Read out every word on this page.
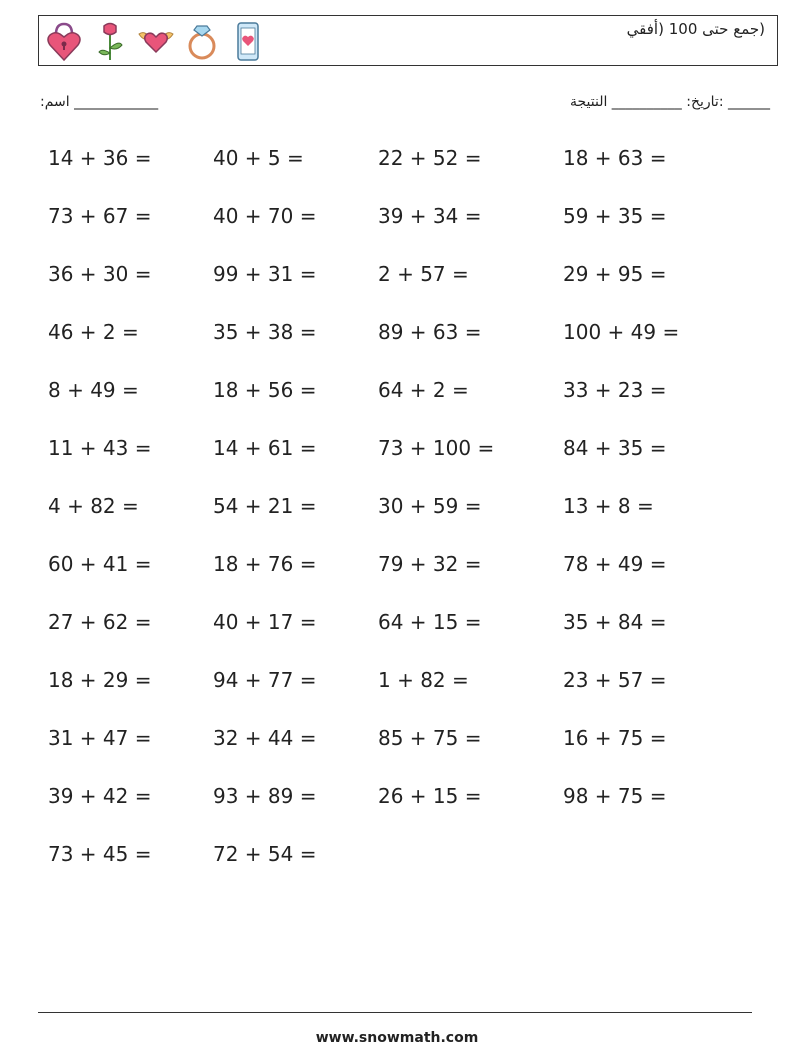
(جمع حتى 100 (أفقي
:اسم ____________	______ :تاريخ: __________ النتيجة
14 + 36 =	40 + 5 =	22 + 52 =	18 + 63 =
73 + 67 =	40 + 70 =	39 + 34 =	59 + 35 =
36 + 30 =	99 + 31 =	2 + 57 =	29 + 95 =
46 + 2 =	35 + 38 =	89 + 63 =	100 + 49 =
8 + 49 =	18 + 56 =	64 + 2 =	33 + 23 =
11 + 43 =	14 + 61 =	73 + 100 =	84 + 35 =
4 + 82 =	54 + 21 =	30 + 59 =	13 + 8 =
60 + 41 =	18 + 76 =	79 + 32 =	78 + 49 =
27 + 62 =	40 + 17 =	64 + 15 =	35 + 84 =
18 + 29 =	94 + 77 =	1 + 82 =	23 + 57 =
31 + 47 =	32 + 44 =	85 + 75 =	16 + 75 =
39 + 42 =	93 + 89 =	26 + 15 =	98 + 75 =
73 + 45 =	72 + 54 =
www.snowmath.com
